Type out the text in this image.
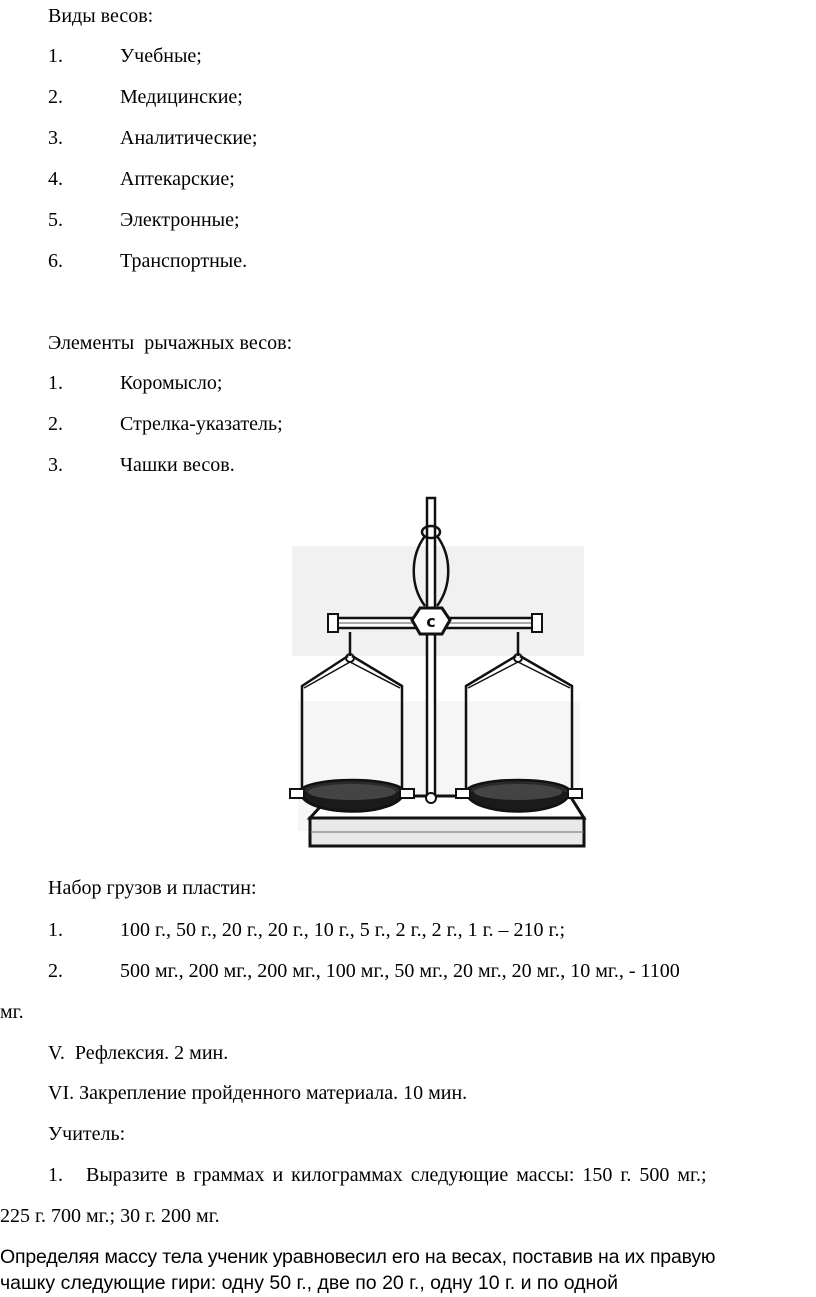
Виды весов:
1.	Учебные;
2.	Медицинские;
3.	Аналитические;
4.	Аптекарские;
5.	Электронные;
6.	Транспортные.
Элементы  рычажных весов:
1.	Коромысло;
2.	Стрелка-указатель;
3.	Чашки весов.
c
Набор грузов и пластин:
1.	100 г., 50 г., 20 г., 20 г., 10 г., 5 г., 2 г., 2 г., 1 г. – 210 г.;
2.	500 мг., 200 мг., 200 мг., 100 мг., 50 мг., 20 мг., 20 мг., 10 мг., - 1100
мг.
V.  Рефлексия. 2 мин.
VI. Закрепление пройденного материала. 10 мин.
Учитель:
1. Выразите  в  граммах  и  килограммах  следующие  массы:  150  г.  500  мг.;
225 г. 700 мг.; 30 г. 200 мг.
Определяя массу тела ученик уравновесил его на весах, поставив на их правую
чашку следующие гири: одну 50 г., две по 20 г., одну 10 г. и по одной
